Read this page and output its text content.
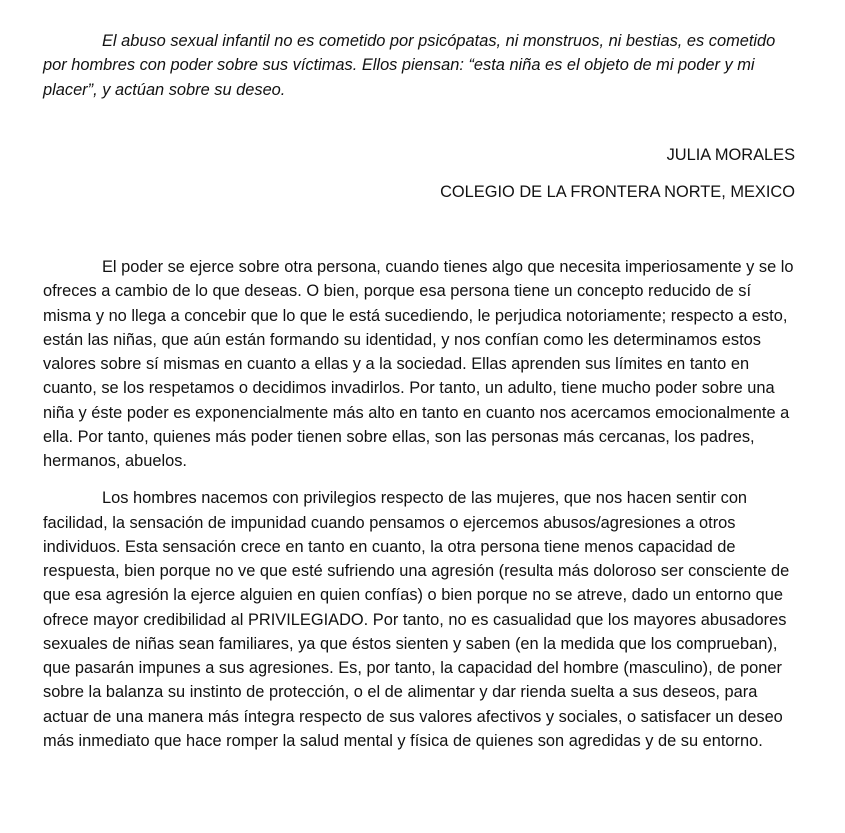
El abuso sexual infantil no es cometido por psicópatas, ni monstruos, ni bestias, es cometido por hombres con poder sobre sus víctimas. Ellos piensan: “esta niña es el objeto de mi poder y mi placer”, y actúan sobre su deseo.

JULIA MORALES

COLEGIO DE LA FRONTERA NORTE, MEXICO

El poder se ejerce sobre otra persona, cuando tienes algo que necesita imperiosamente y se lo ofreces a cambio de lo que deseas. O bien, porque esa persona tiene un concepto reducido de sí misma y no llega a concebir que lo que le está sucediendo, le perjudica notoriamente; respecto a esto, están las niñas, que aún están formando su identidad, y nos confían como les determinamos estos valores sobre sí mismas en cuanto a ellas y a la sociedad. Ellas aprenden sus límites en tanto en cuanto, se los respetamos o decidimos invadirlos. Por tanto, un adulto, tiene mucho poder sobre una niña y éste poder es exponencialmente más alto en tanto en cuanto nos acercamos emocionalmente a ella. Por tanto, quienes más poder tienen sobre ellas, son las personas más cercanas, los padres, hermanos, abuelos.

Los hombres nacemos con privilegios respecto de las mujeres, que nos hacen sentir con facilidad, la sensación de impunidad cuando pensamos o ejercemos abusos/agresiones a otros individuos. Esta sensación crece en tanto en cuanto, la otra persona tiene menos capacidad de respuesta, bien porque no ve que esté sufriendo una agresión (resulta más doloroso ser consciente de que esa agresión la ejerce alguien en quien confías) o bien porque no se atreve, dado un entorno que ofrece mayor credibilidad al PRIVILEGIADO. Por tanto, no es casualidad que los mayores abusadores sexuales de niñas sean familiares, ya que éstos sienten y saben (en la medida que los comprueban), que pasarán impunes a sus agresiones. Es, por tanto, la capacidad del hombre (masculino), de poner sobre la balanza su instinto de protección, o el de alimentar y dar rienda suelta a sus deseos, para actuar de una manera más íntegra respecto de sus valores afectivos y sociales, o satisfacer un deseo más inmediato que hace romper la salud mental y física de quienes son agredidas y de su entorno.
